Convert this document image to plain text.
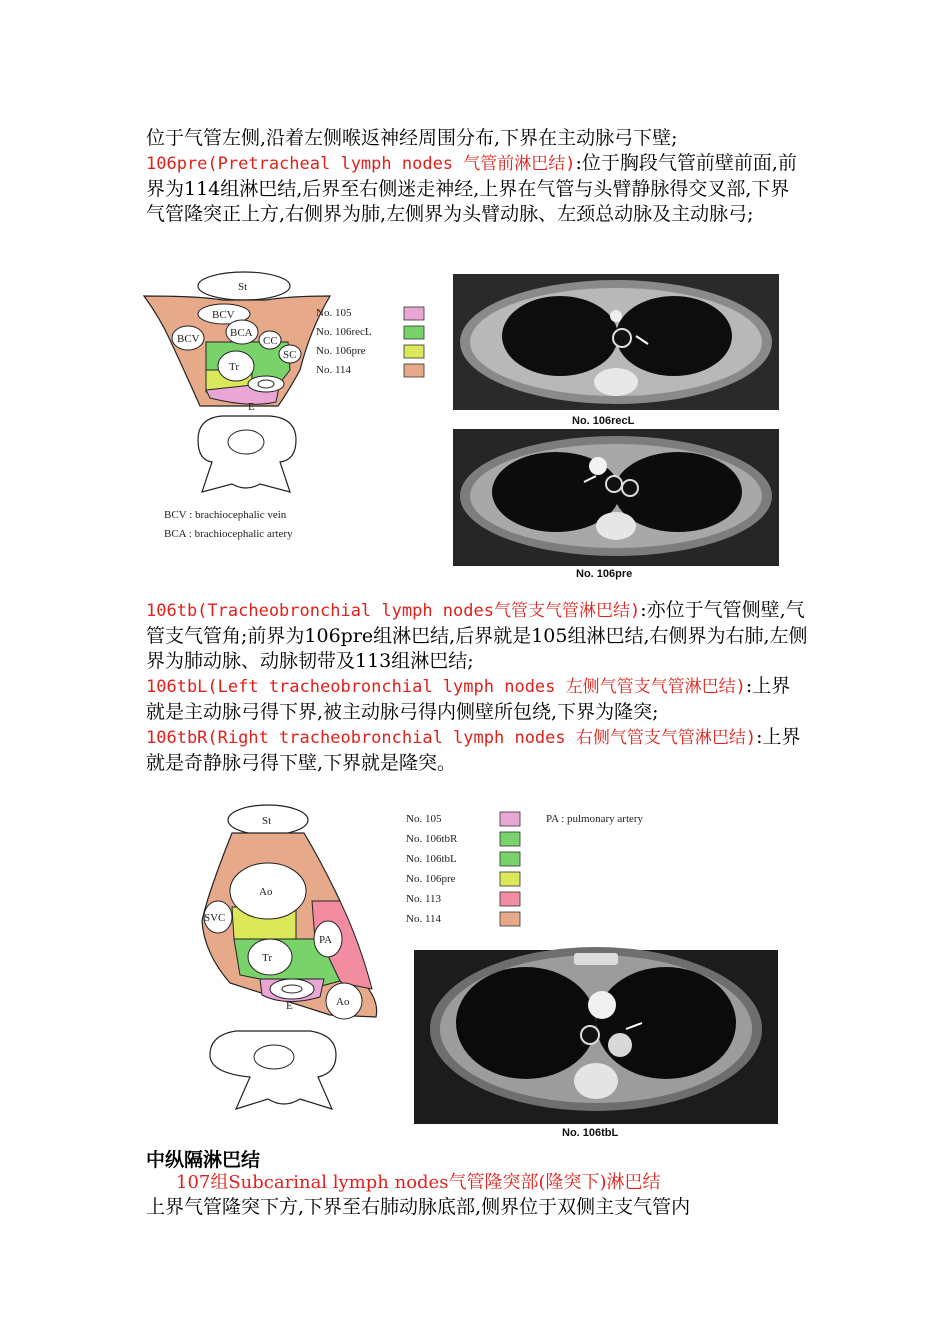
位于气管左侧,沿着左侧喉返神经周围分布,下界在主动脉弓下壁;
106pre(Pretracheal lymph nodes 气管前淋巴结):位于胸段气管前壁前面,前界为114组淋巴结,后界至右侧迷走神经,上界在气管与头臂静脉得交叉部,下界气管隆突正上方,右侧界为肺,左侧界为头臂动脉、左颈总动脉及主动脉弓;
St
BCV
BCA
BCV	CC
SC
Tr
E
No. 105
No. 106recL
No. 106pre
No. 114
BCV : brachiocephalic vein
BCA : brachiocephalic artery
No. 106recL
No. 106pre
106tb(Tracheobronchial lymph nodes气管支气管淋巴结):亦位于气管侧壁,气管支气管角;前界为106pre组淋巴结,后界就是105组淋巴结,右侧界为右肺,左侧界为肺动脉、动脉韧带及113组淋巴结;
106tbL(Left tracheobronchial lymph nodes 左侧气管支气管淋巴结):上界就是主动脉弓得下界,被主动脉弓得内侧壁所包绕,下界为隆突;
106tbR(Right tracheobronchial lymph nodes 右侧气管支气管淋巴结):上界就是奇静脉弓得下壁,下界就是隆突。
St
Ao
SVC
PA
Tr
E	Ao
No. 105
No. 106tbR
No. 106tbL
No. 106pre
No. 113
No. 114
PA : pulmonary artery
No. 106tbL
中纵隔淋巴结
107组Subcarinal lymph nodes气管隆突部(隆突下)淋巴结
上界气管隆突下方,下界至右肺动脉底部,侧界位于双侧主支气管内
